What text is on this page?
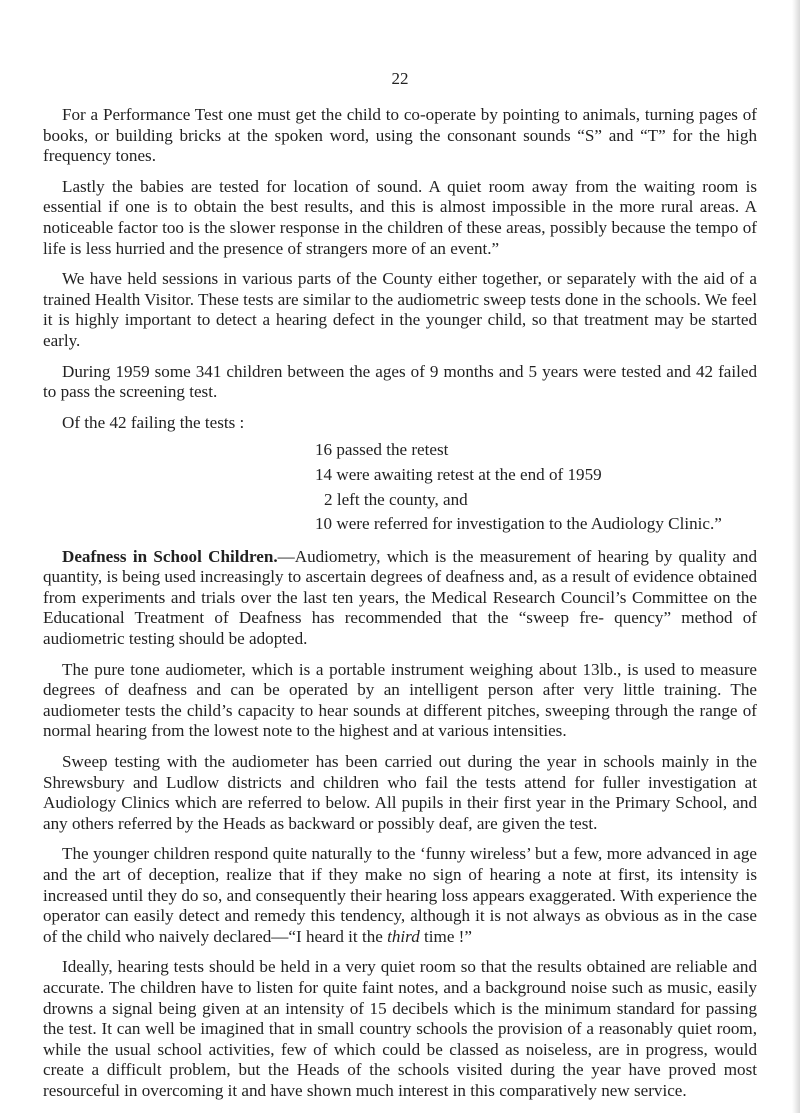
22

For a Performance Test one must get the child to co-operate by pointing to animals, turning pages of books, or building bricks at the spoken word, using the consonant sounds “S” and “T” for the high frequency tones.

Lastly the babies are tested for location of sound. A quiet room away from the waiting room is essential if one is to obtain the best results, and this is almost impossible in the more rural areas. A noticeable factor too is the slower response in the children of these areas, possibly because the tempo of life is less hurried and the presence of strangers more of an event.”

We have held sessions in various parts of the County either together, or separately with the aid of a trained Health Visitor. These tests are similar to the audiometric sweep tests done in the schools. We feel it is highly important to detect a hearing defect in the younger child, so that treatment may be started early.

During 1959 some 341 children between the ages of 9 months and 5 years were tested and 42 failed to pass the screening test.

Of the 42 failing the tests :

16 passed the retest
14 were awaiting retest at the end of 1959
2 left the county, and
10 were referred for investigation to the Audiology Clinic.”

Deafness in School Children.—Audiometry, which is the measurement of hearing by quality and quantity, is being used increasingly to ascertain degrees of deafness and, as a result of evidence obtained from experiments and trials over the last ten years, the Medical Research Council’s Committee on the Educational Treatment of Deafness has recommended that the “sweep fre- quency” method of audiometric testing should be adopted.

The pure tone audiometer, which is a portable instrument weighing about 13lb., is used to measure degrees of deafness and can be operated by an intelligent person after very little training. The audiometer tests the child’s capacity to hear sounds at different pitches, sweeping through the range of normal hearing from the lowest note to the highest and at various intensities.

Sweep testing with the audiometer has been carried out during the year in schools mainly in the Shrewsbury and Ludlow districts and children who fail the tests attend for fuller investigation at Audiology Clinics which are referred to below. All pupils in their first year in the Primary School, and any others referred by the Heads as backward or possibly deaf, are given the test.

The younger children respond quite naturally to the ‘funny wireless’ but a few, more advanced in age and the art of deception, realize that if they make no sign of hearing a note at first, its intensity is increased until they do so, and consequently their hearing loss appears exaggerated. With experience the operator can easily detect and remedy this tendency, although it is not always as obvious as in the case of the child who naively declared—“I heard it the third time !”

Ideally, hearing tests should be held in a very quiet room so that the results obtained are reliable and accurate. The children have to listen for quite faint notes, and a background noise such as music, easily drowns a signal being given at an intensity of 15 decibels which is the minimum standard for passing the test. It can well be imagined that in small country schools the provision of a reasonably quiet room, while the usual school activities, few of which could be classed as noiseless, are in progress, would create a difficult problem, but the Heads of the schools visited during the year have proved most resourceful in overcoming it and have shown much interest in this comparatively new service.
